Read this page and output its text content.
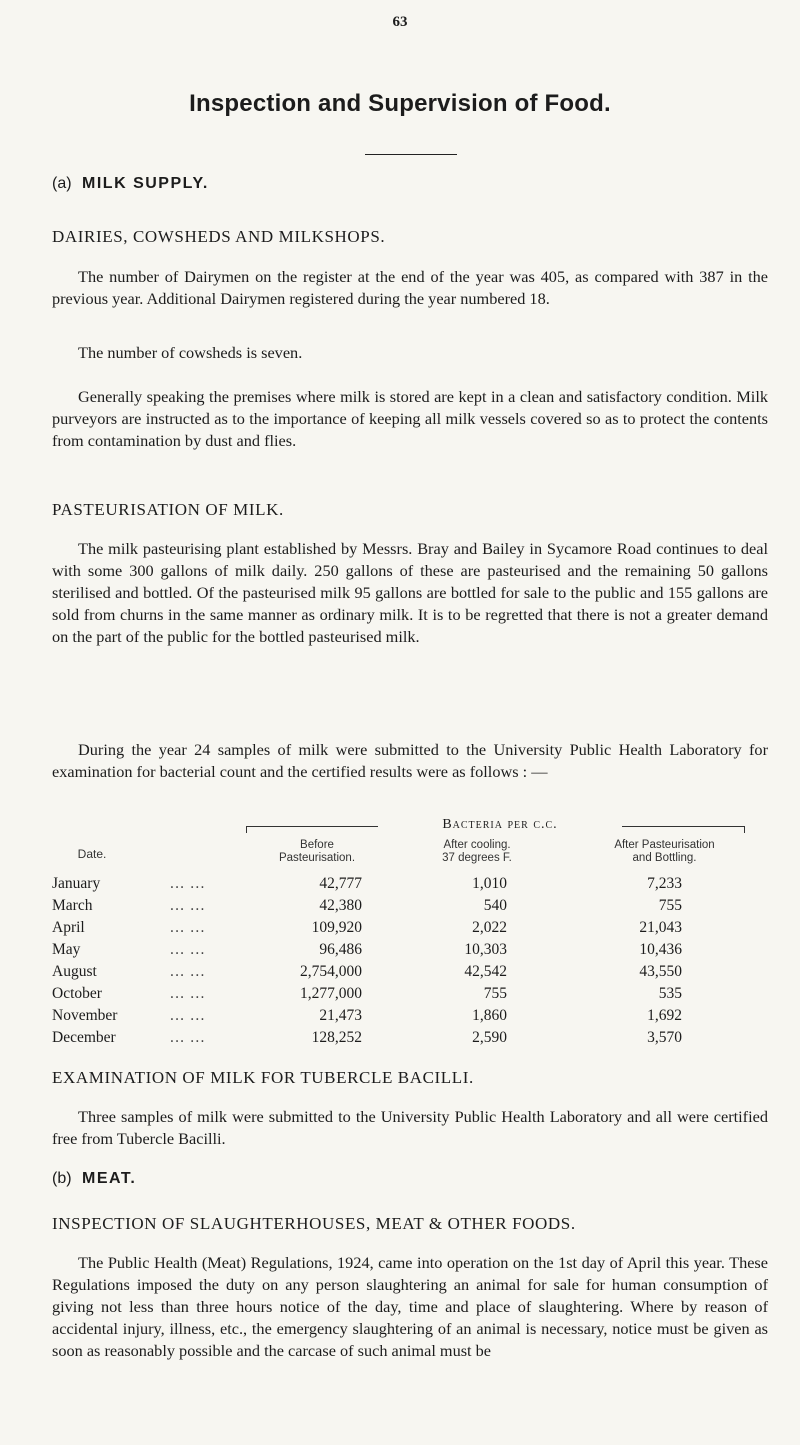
63
Inspection and Supervision of Food.
(a) MILK SUPPLY.
DAIRIES, COWSHEDS AND MILKSHOPS.

The number of Dairymen on the register at the end of the year was 405, as compared with 387 in the previous year. Additional Dairymen registered during the year numbered 18.

The number of cowsheds is seven.

Generally speaking the premises where milk is stored are kept in a clean and satisfactory condition. Milk purveyors are instructed as to the importance of keeping all milk vessels covered so as to protect the contents from contamination by dust and flies.

PASTEURISATION OF MILK.

The milk pasteurising plant established by Messrs. Bray and Bailey in Sycamore Road continues to deal with some 300 gallons of milk daily. 250 gallons of these are pasteurised and the remaining 50 gallons sterilised and bottled. Of the pasteurised milk 95 gallons are bottled for sale to the public and 155 gallons are sold from churns in the same manner as ordinary milk. It is to be regretted that there is not a greater demand on the part of the public for the bottled pasteurised milk.

During the year 24 samples of milk were submitted to the University Public Health Laboratory for examination for bacterial count and the certified results were as follows : —

Bacteria per c.c.
Date.
Before
Pasteurisation.
After cooling.
37 degrees F.
After Pasteurisation
and Bottling.
January	... ...	42,777	1,010	7,233
March	... ...	42,380	540	755
April	... ...	109,920	2,022	21,043
May	... ...	96,486	10,303	10,436
August	... ...	2,754,000	42,542	43,550
October	... ...	1,277,000	755	535
November	... ...	21,473	1,860	1,692
December	... ...	128,252	2,590	3,570
EXAMINATION OF MILK FOR TUBERCLE BACILLI.

Three samples of milk were submitted to the University Public Health Laboratory and all were certified free from Tubercle Bacilli.

(b) MEAT.
INSPECTION OF SLAUGHTERHOUSES, MEAT & OTHER FOODS.

The Public Health (Meat) Regulations, 1924, came into operation on the 1st day of April this year. These Regulations imposed the duty on any person slaughtering an animal for sale for human consumption of giving not less than three hours notice of the day, time and place of slaughtering. Where by reason of accidental injury, illness, etc., the emergency slaughtering of an animal is necessary, notice must be given as soon as reasonably possible and the carcase of such animal must be
